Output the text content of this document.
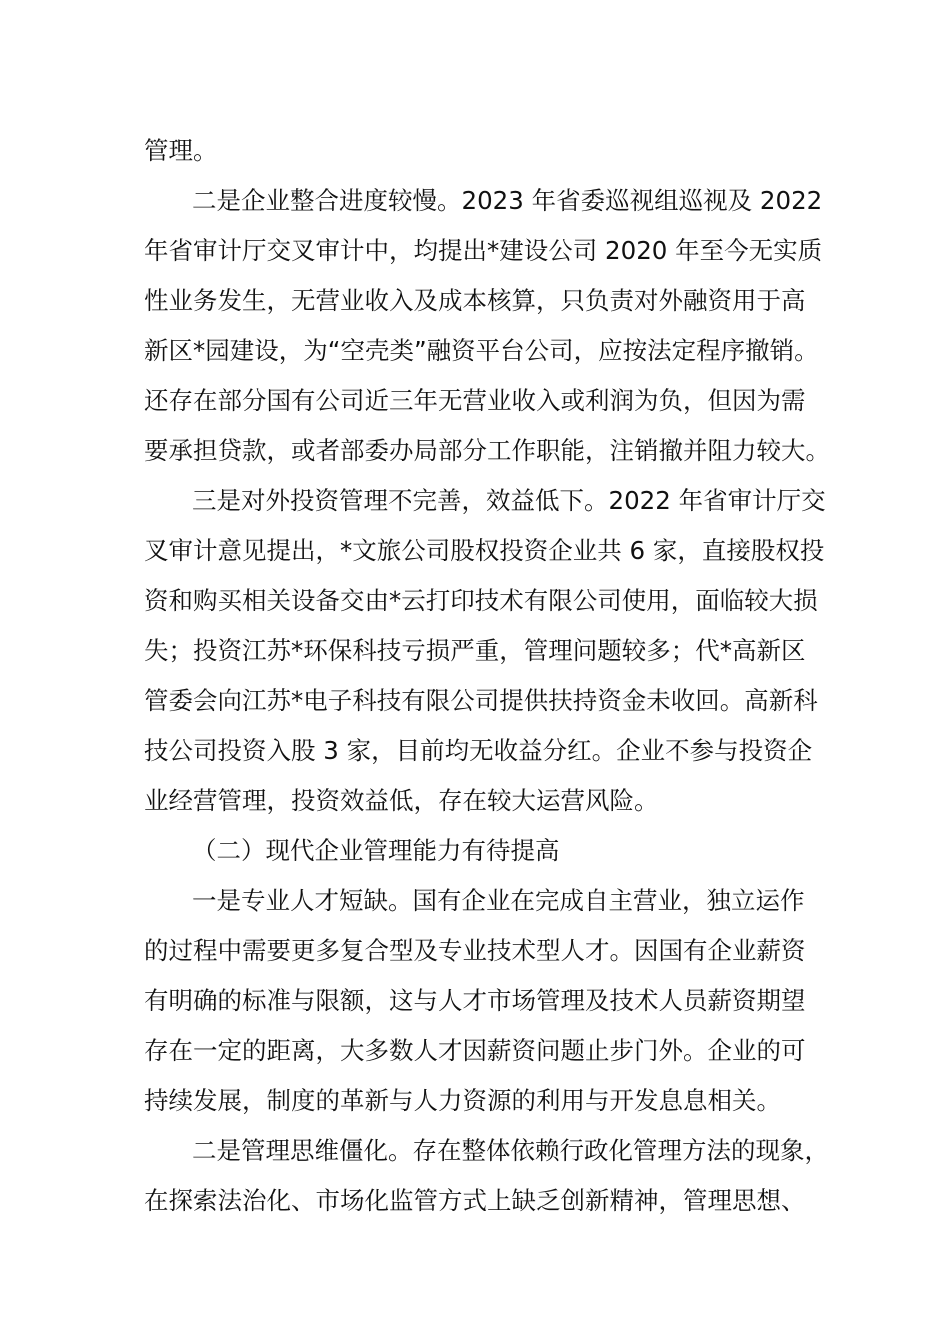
管理。
二是企业整合进度较慢。2023 年省委巡视组巡视及 2022
年省审计厅交叉审计中，均提出*建设公司 2020 年至今无实质
性业务发生，无营业收入及成本核算，只负责对外融资用于高
新区*园建设，为“空壳类”融资平台公司，应按法定程序撤销。
还存在部分国有公司近三年无营业收入或利润为负，但因为需
要承担贷款，或者部委办局部分工作职能，注销撤并阻力较大。
三是对外投资管理不完善，效益低下。2022 年省审计厅交
叉审计意见提出，*文旅公司股权投资企业共 6 家，直接股权投
资和购买相关设备交由*云打印技术有限公司使用，面临较大损
失；投资江苏*环保科技亏损严重，管理问题较多；代*高新区
管委会向江苏*电子科技有限公司提供扶持资金未收回。高新科
技公司投资入股 3 家，目前均无收益分红。企业不参与投资企
业经营管理，投资效益低，存在较大运营风险。
（二）现代企业管理能力有待提高
一是专业人才短缺。国有企业在完成自主营业，独立运作
的过程中需要更多复合型及专业技术型人才。因国有企业薪资
有明确的标准与限额，这与人才市场管理及技术人员薪资期望
存在一定的距离，大多数人才因薪资问题止步门外。企业的可
持续发展，制度的革新与人力资源的利用与开发息息相关。
二是管理思维僵化。存在整体依赖行政化管理方法的现象，
在探索法治化、市场化监管方式上缺乏创新精神，管理思想、
